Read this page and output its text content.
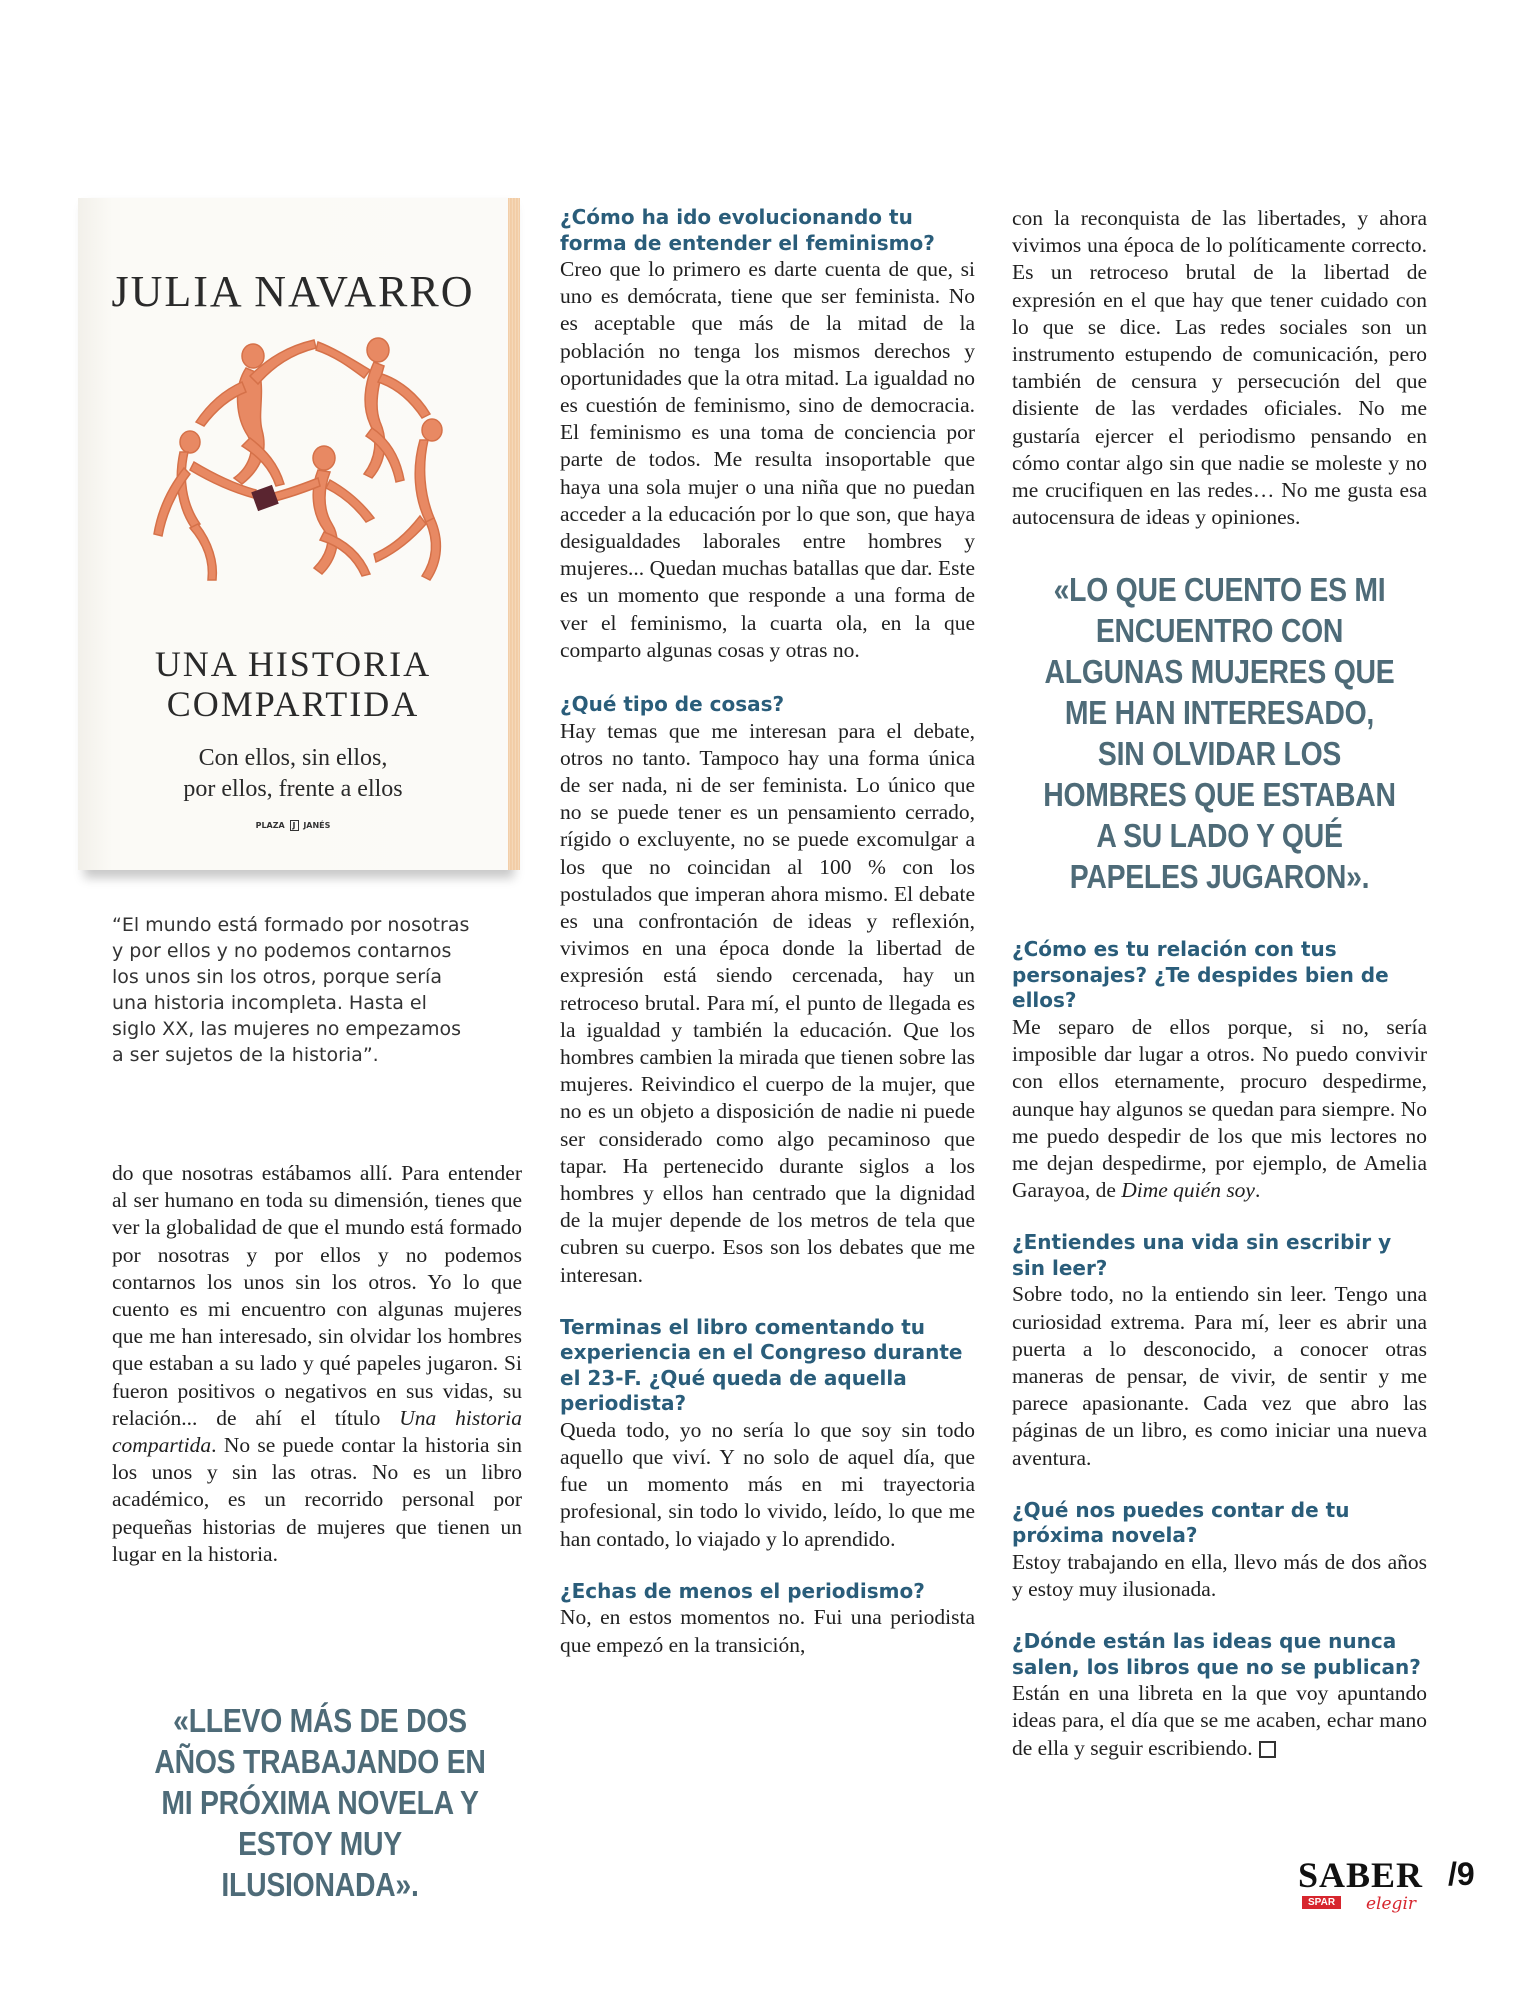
JULIA NAVARRO
UNA HISTORIA
COMPARTIDA
Con ellos, sin ellos,
por ellos, frente a ellos
PLAZA J JANÉS

“El mundo está formado por nosotras y por ellos y no podemos contarnos los unos sin los otros, porque sería una historia incompleta. Hasta el siglo XX, las mujeres no empezamos a ser sujetos de la historia”.

do que nosotras estábamos allí. Para entender al ser humano en toda su dimensión, tienes que ver la globalidad de que el mundo está formado por nosotras y por ellos y no podemos contarnos los unos sin los otros. Yo lo que cuento es mi encuentro con algunas mujeres que me han interesado, sin olvidar los hombres que estaban a su lado y qué papeles jugaron. Si fueron positivos o negativos en sus vidas, su relación... de ahí el título Una historia compartida. No se puede contar la historia sin los unos y sin las otras. No es un libro académico, es un recorrido personal por pequeñas historias de mujeres que tienen un lugar en la historia.

«LLEVO MÁS DE DOS AÑOS TRABAJANDO EN MI PRÓXIMA NOVELA Y ESTOY MUY ILUSIONADA».

¿Cómo ha ido evolucionando tu forma de entender el feminismo?

Creo que lo primero es darte cuenta de que, si uno es demócrata, tiene que ser feminista. No es aceptable que más de la mitad de la población no tenga los mismos derechos y oportunidades que la otra mitad. La igualdad no es cuestión de feminismo, sino de democracia. El feminismo es una toma de conciencia por parte de todos. Me resulta insoportable que haya una sola mujer o una niña que no puedan acceder a la educación por lo que son, que haya desigualdades laborales entre hombres y mujeres... Quedan muchas batallas que dar. Este es un momento que responde a una forma de ver el feminismo, la cuarta ola, en la que comparto algunas cosas y otras no.

¿Qué tipo de cosas?

Hay temas que me interesan para el debate, otros no tanto. Tampoco hay una forma única de ser nada, ni de ser feminista. Lo único que no se puede tener es un pensamiento cerrado, rígido o excluyente, no se puede excomulgar a los que no coincidan al 100 % con los postulados que imperan ahora mismo. El debate es una confrontación de ideas y reflexión, vivimos en una época donde la libertad de expresión está siendo cercenada, hay un retroceso brutal. Para mí, el punto de llegada es la igualdad y también la educación. Que los hombres cambien la mirada que tienen sobre las mujeres. Reivindico el cuerpo de la mujer, que no es un objeto a disposición de nadie ni puede ser considerado como algo pecaminoso que tapar. Ha pertenecido durante siglos a los hombres y ellos han centrado que la dignidad de la mujer depende de los metros de tela que cubren su cuerpo. Esos son los debates que me interesan.

Terminas el libro comentando tu experiencia en el Congreso durante el 23-F. ¿Qué queda de aquella periodista?

Queda todo, yo no sería lo que soy sin todo aquello que viví. Y no solo de aquel día, que fue un momento más en mi trayectoria profesional, sin todo lo vivido, leído, lo que me han contado, lo viajado y lo aprendido.

¿Echas de menos el periodismo?

No, en estos momentos no. Fui una periodista que empezó en la transición,

con la reconquista de las libertades, y ahora vivimos una época de lo políticamente correcto. Es un retroceso brutal de la libertad de expresión en el que hay que tener cuidado con lo que se dice. Las redes sociales son un instrumento estupendo de comunicación, pero también de censura y persecución del que disiente de las verdades oficiales. No me gustaría ejercer el periodismo pensando en cómo contar algo sin que nadie se moleste y no me crucifiquen en las redes… No me gusta esa autocensura de ideas y opiniones.

«LO QUE CUENTO ES MI ENCUENTRO CON ALGUNAS MUJERES QUE ME HAN INTERESADO, SIN OLVIDAR LOS HOMBRES QUE ESTABAN A SU LADO Y QUÉ PAPELES JUGARON».

¿Cómo es tu relación con tus personajes? ¿Te despides bien de ellos?

Me separo de ellos porque, si no, sería imposible dar lugar a otros. No puedo convivir con ellos eternamente, procuro despedirme, aunque hay algunos se quedan para siempre. No me puedo despedir de los que mis lectores no me dejan despedirme, por ejemplo, de Amelia Garayoa, de Dime quién soy.

¿Entiendes una vida sin escribir y sin leer?

Sobre todo, no la entiendo sin leer. Tengo una curiosidad extrema. Para mí, leer es abrir una puerta a lo desconocido, a conocer otras maneras de pensar, de vivir, de sentir y me parece apasionante. Cada vez que abro las páginas de un libro, es como iniciar una nueva aventura.

¿Qué nos puedes contar de tu próxima novela?

Estoy trabajando en ella, llevo más de dos años y estoy muy ilusionada.

¿Dónde están las ideas que nunca salen, los libros que no se publican?

Están en una libreta en la que voy apuntando ideas para, el día que se me acaben, echar mano de ella y seguir escribiendo.

SABER
SPAR	elegir
/9
